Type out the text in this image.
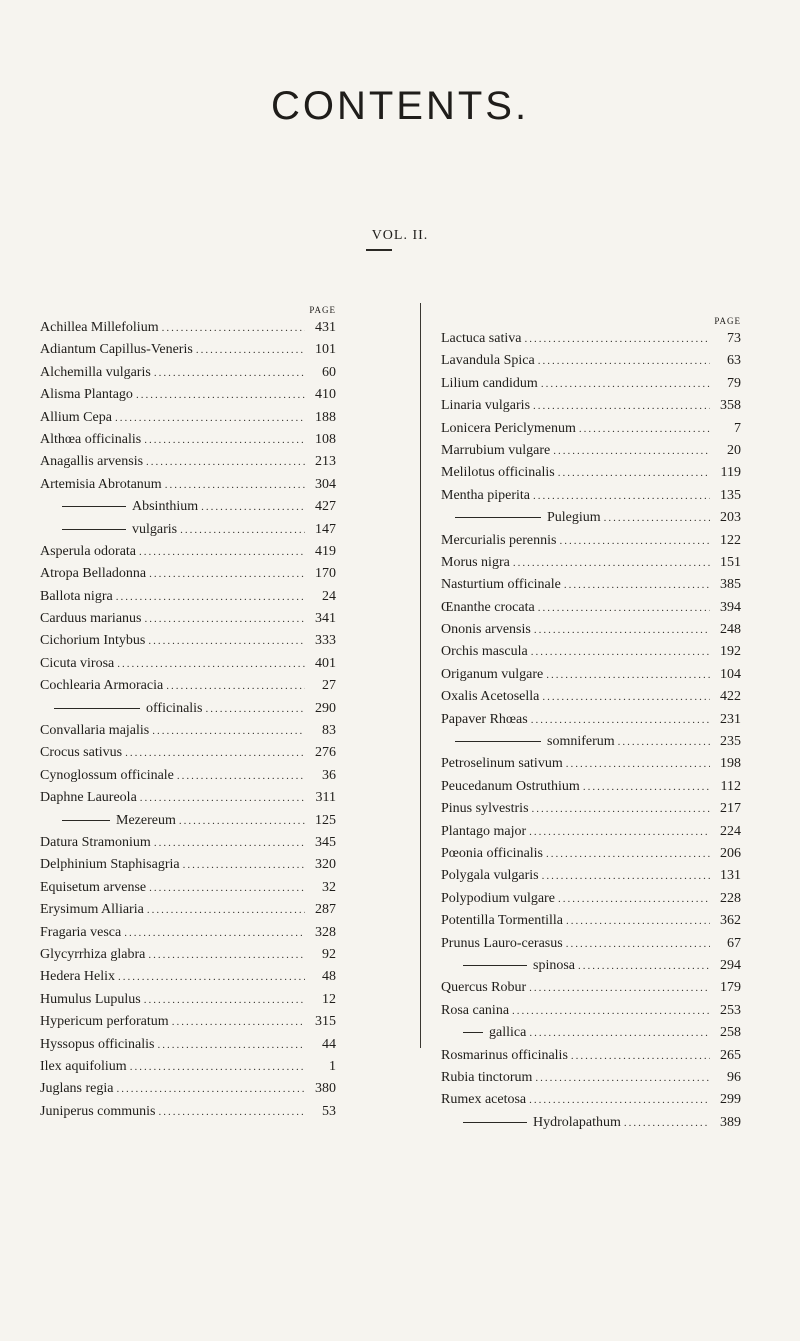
CONTENTS.
VOL. II.
PAGE
Achillea Millefolium .....	431
Adiantum Capillus-Veneris .....	101
Alchemilla vulgaris .....	60
Alisma Plantago .....	410
Allium Cepa .....	188
Althœa officinalis .....	108
Anagallis arvensis .....	213
Artemisia Abrotanum .....	304
Absinthium .....	427
vulgaris .....	147
Asperula odorata .....	419
Atropa Belladonna .....	170
Ballota nigra .....	24
Carduus marianus .....	341
Cichorium Intybus .....	333
Cicuta virosa .....	401
Cochlearia Armoracia .....	27
officinalis .....	290
Convallaria majalis .....	83
Crocus sativus .....	276
Cynoglossum officinale .....	36
Daphne Laureola .....	311
Mezereum .....	125
Datura Stramonium .....	345
Delphinium Staphisagria .....	320
Equisetum arvense .....	32
Erysimum Alliaria .....	287
Fragaria vesca .....	328
Glycyrrhiza glabra .....	92
Hedera Helix .....	48
Humulus Lupulus .....	12
Hypericum perforatum .....	315
Hyssopus officinalis .....	44
Ilex aquifolium .....	1
Juglans regia .....	380
Juniperus communis .....	53
PAGE
Lactuca sativa .....	73
Lavandula Spica .....	63
Lilium candidum .....	79
Linaria vulgaris .....	358
Lonicera Periclymenum .....	7
Marrubium vulgare .....	20
Melilotus officinalis .....	119
Mentha piperita .....	135
Pulegium .....	203
Mercurialis perennis .....	122
Morus nigra .....	151
Nasturtium officinale .....	385
Œnanthe crocata .....	394
Ononis arvensis .....	248
Orchis mascula .....	192
Origanum vulgare .....	104
Oxalis Acetosella .....	422
Papaver Rhœas .....	231
somniferum .....	235
Petroselinum sativum .....	198
Peucedanum Ostruthium .....	112
Pinus sylvestris .....	217
Plantago major .....	224
Pœonia officinalis .....	206
Polygala vulgaris .....	131
Polypodium vulgare .....	228
Potentilla Tormentilla .....	362
Prunus Lauro-cerasus .....	67
spinosa .....	294
Quercus Robur .....	179
Rosa canina .....	253
gallica .....	258
Rosmarinus officinalis .....	265
Rubia tinctorum .....	96
Rumex acetosa .....	299
Hydrolapathum .....	389
